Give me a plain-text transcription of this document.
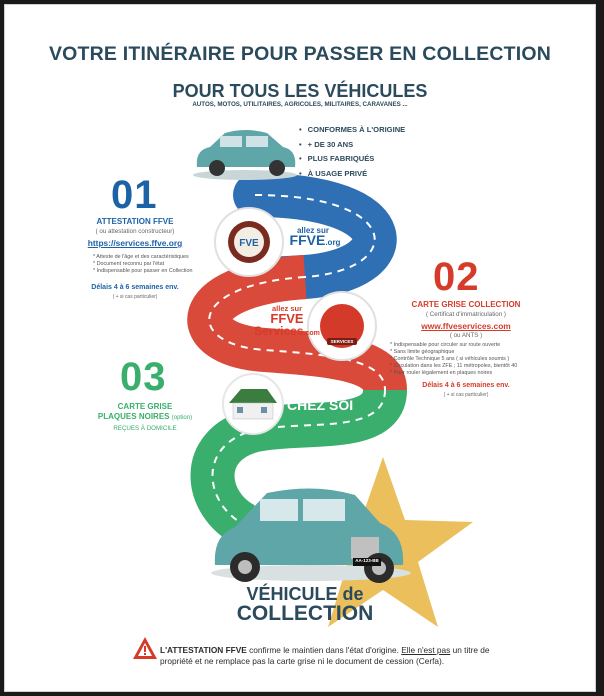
VOTRE ITINÉRAIRE POUR PASSER EN COLLECTION
POUR TOUS LES VÉHICULES
AUTOS, MOTOS, UTILITAIRES, AGRICOLES, MILITAIRES, CARAVANES ...
FVE
AA-123-BB
• CONFORMES À L'ORIGINE
• + DE 30 ANS
• PLUS FABRIQUÉS
• À USAGE PRIVÉ
01
ATTESTATION FFVE
( ou attestation constructeur)
https://services.ffve.org
* Atteste de l'âge et des caractéristiques
* Document reconnu par l'état
* Indispensable pour passer en Collection
Délais 4 à 6 semaines env.
( + si cas particulier)
allez sur
FFVE.org
02
CARTE GRISE COLLECTION
( Certificat d'immatriculation )
www.ffveservices.com
( ou ANTS )
* Indispensable pour circuler sur route ouverte
* Sans limite géographique
* Contrôle Technique 5 ans ( si véhicules soumis )
* Circulation dans les ZFE ; 11 métropoles, bientôt 40
* Pour rouler légalement en plaques noires
Délais 4 à 6 semaines env.
( + si cas particulier)
allez sur
FFVE
Services.com
SERVICES
03
CARTE GRISE
PLAQUES NOIRES (option)
REÇUES À DOMICILE
CHEZ SOI
VÉHICULE de
COLLECTION
L'ATTESTATION FFVE confirme le maintien dans l'état d'origine. Elle n'est pas un titre de propriété et ne remplace pas la carte grise ni le document de cession (Cerfa).
